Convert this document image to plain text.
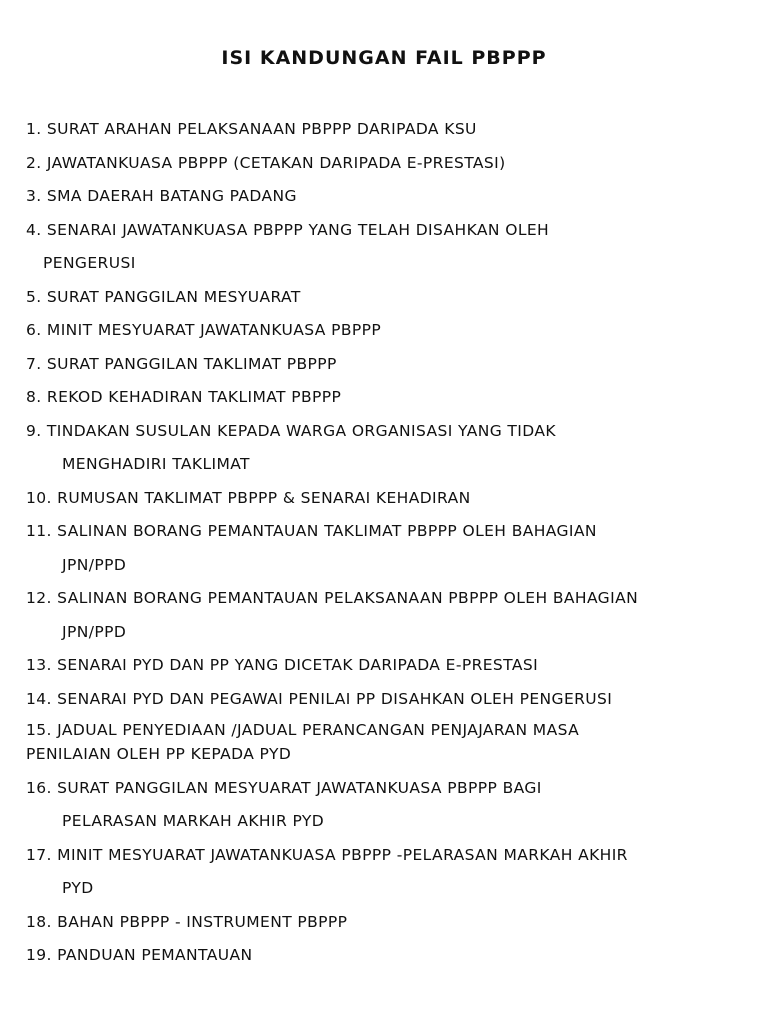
ISI KANDUNGAN FAIL PBPPP
1. SURAT ARAHAN PELAKSANAAN PBPPP DARIPADA KSU
2. JAWATANKUASA PBPPP (CETAKAN DARIPADA E-PRESTASI)
3. SMA DAERAH BATANG PADANG
4. SENARAI JAWATANKUASA PBPPP YANG TELAH DISAHKAN OLEH
PENGERUSI
5. SURAT PANGGILAN MESYUARAT
6. MINIT MESYUARAT JAWATANKUASA PBPPP
7. SURAT PANGGILAN TAKLIMAT PBPPP
8. REKOD KEHADIRAN TAKLIMAT PBPPP
9. TINDAKAN SUSULAN KEPADA WARGA ORGANISASI YANG TIDAK
MENGHADIRI TAKLIMAT
10. RUMUSAN TAKLIMAT PBPPP & SENARAI KEHADIRAN
11. SALINAN BORANG PEMANTAUAN TAKLIMAT PBPPP OLEH BAHAGIAN
JPN/PPD
12. SALINAN BORANG PEMANTAUAN PELAKSANAAN PBPPP OLEH BAHAGIAN
JPN/PPD
13. SENARAI PYD DAN PP YANG DICETAK DARIPADA E-PRESTASI
14. SENARAI PYD DAN PEGAWAI PENILAI PP DISAHKAN OLEH PENGERUSI
15. JADUAL PENYEDIAAN /JADUAL PERANCANGAN PENJAJARAN MASA
PENILAIAN OLEH PP KEPADA PYD
16. SURAT PANGGILAN MESYUARAT JAWATANKUASA PBPPP BAGI
PELARASAN MARKAH AKHIR PYD
17. MINIT MESYUARAT JAWATANKUASA PBPPP -PELARASAN MARKAH AKHIR
PYD
18. BAHAN PBPPP - INSTRUMENT PBPPP
19. PANDUAN PEMANTAUAN
